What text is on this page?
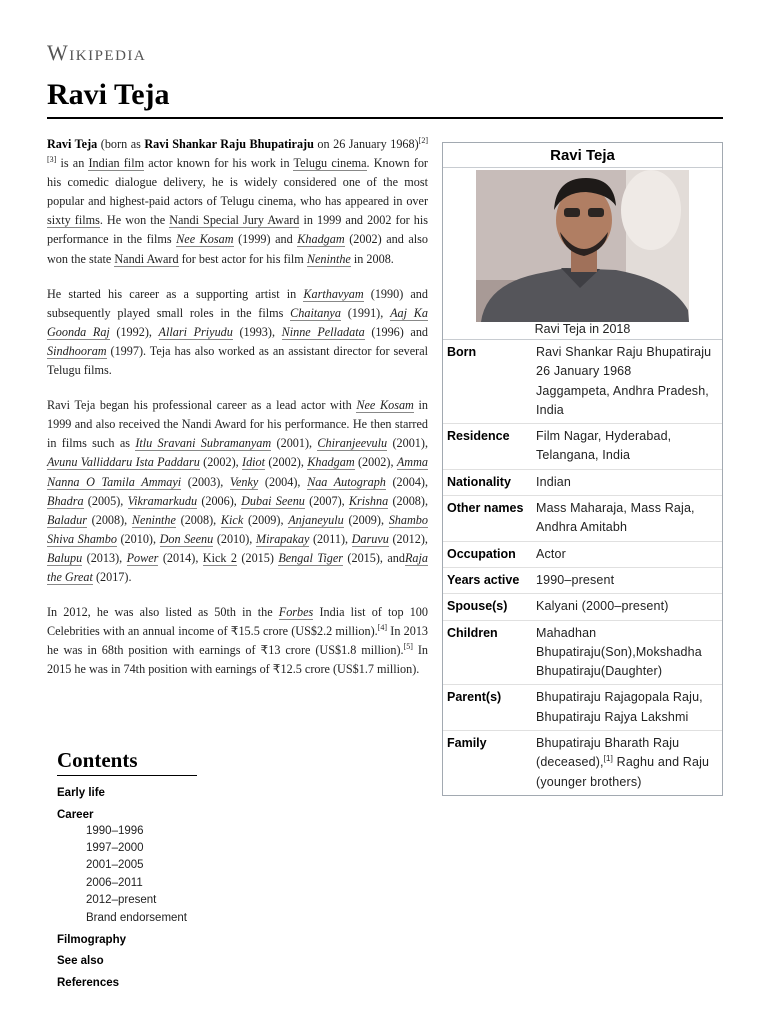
Wikipedia
Ravi Teja

Ravi Teja (born as Ravi Shankar Raju Bhupatiraju on 26 January 1968)[2][3] is an Indian film actor known for his work in Telugu cinema. Known for his comedic dialogue delivery, he is widely considered one of the most popular and highest-paid actors of Telugu cinema, who has appeared in over sixty films. He won the Nandi Special Jury Award in 1999 and 2002 for his performance in the films Nee Kosam (1999) and Khadgam (2002) and also won the state Nandi Award for best actor for his film Neninthe in 2008.

He started his career as a supporting artist in Karthavyam (1990) and subsequently played small roles in the films Chaitanya (1991), Aaj Ka Goonda Raj (1992), Allari Priyudu (1993), Ninne Pelladata (1996) and Sindhooram (1997). Teja has also worked as an assistant director for several Telugu films.

Ravi Teja began his professional career as a lead actor with Nee Kosam in 1999 and also received the Nandi Award for his performance. He then starred in films such as Itlu Sravani Subramanyam (2001), Chiranjeevulu (2001), Avunu Valliddaru Ista Paddaru (2002), Idiot (2002), Khadgam (2002), Amma Nanna O Tamila Ammayi (2003), Venky (2004), Naa Autograph (2004), Bhadra (2005), Vikramarkudu (2006), Dubai Seenu (2007), Krishna (2008), Baladur (2008), Neninthe (2008), Kick (2009), Anjaneyulu (2009), Shambo Shiva Shambo (2010), Don Seenu (2010), Mirapakay (2011), Daruvu (2012), Balupu (2013), Power (2014), Kick 2 (2015) Bengal Tiger (2015), andRaja the Great (2017).

In 2012, he was also listed as 50th in the Forbes India list of top 100 Celebrities with an annual income of ₹15.5 crore (US$2.2 million).[4] In 2013 he was in 68th position with earnings of ₹13 crore (US$1.8 million).[5] In 2015 he was in 74th position with earnings of ₹12.5 crore (US$1.7 million).

Ravi Teja
Ravi Teja in 2018
Born	Ravi Shankar Raju Bhupatiraju
26 January 1968
Jaggampeta, Andhra Pradesh, India
Residence	Film Nagar, Hyderabad, Telangana, India
Nationality	Indian
Other names	Mass Maharaja, Mass Raja, Andhra Amitabh
Occupation	Actor
Years active	1990–present
Spouse(s)	Kalyani (2000–present)
Children	Mahadhan Bhupatiraju(Son),Mokshadha Bhupatiraju(Daughter)
Parent(s)	Bhupatiraju Rajagopala Raju, Bhupatiraju Rajya Lakshmi
Family	Bhupatiraju Bharath Raju (deceased),[1] Raghu and Raju (younger brothers)
Contents
Early life
Career
1990–1996
1997–2000
2001–2005
2006–2011
2012–present
Brand endorsement
Filmography
See also
References
